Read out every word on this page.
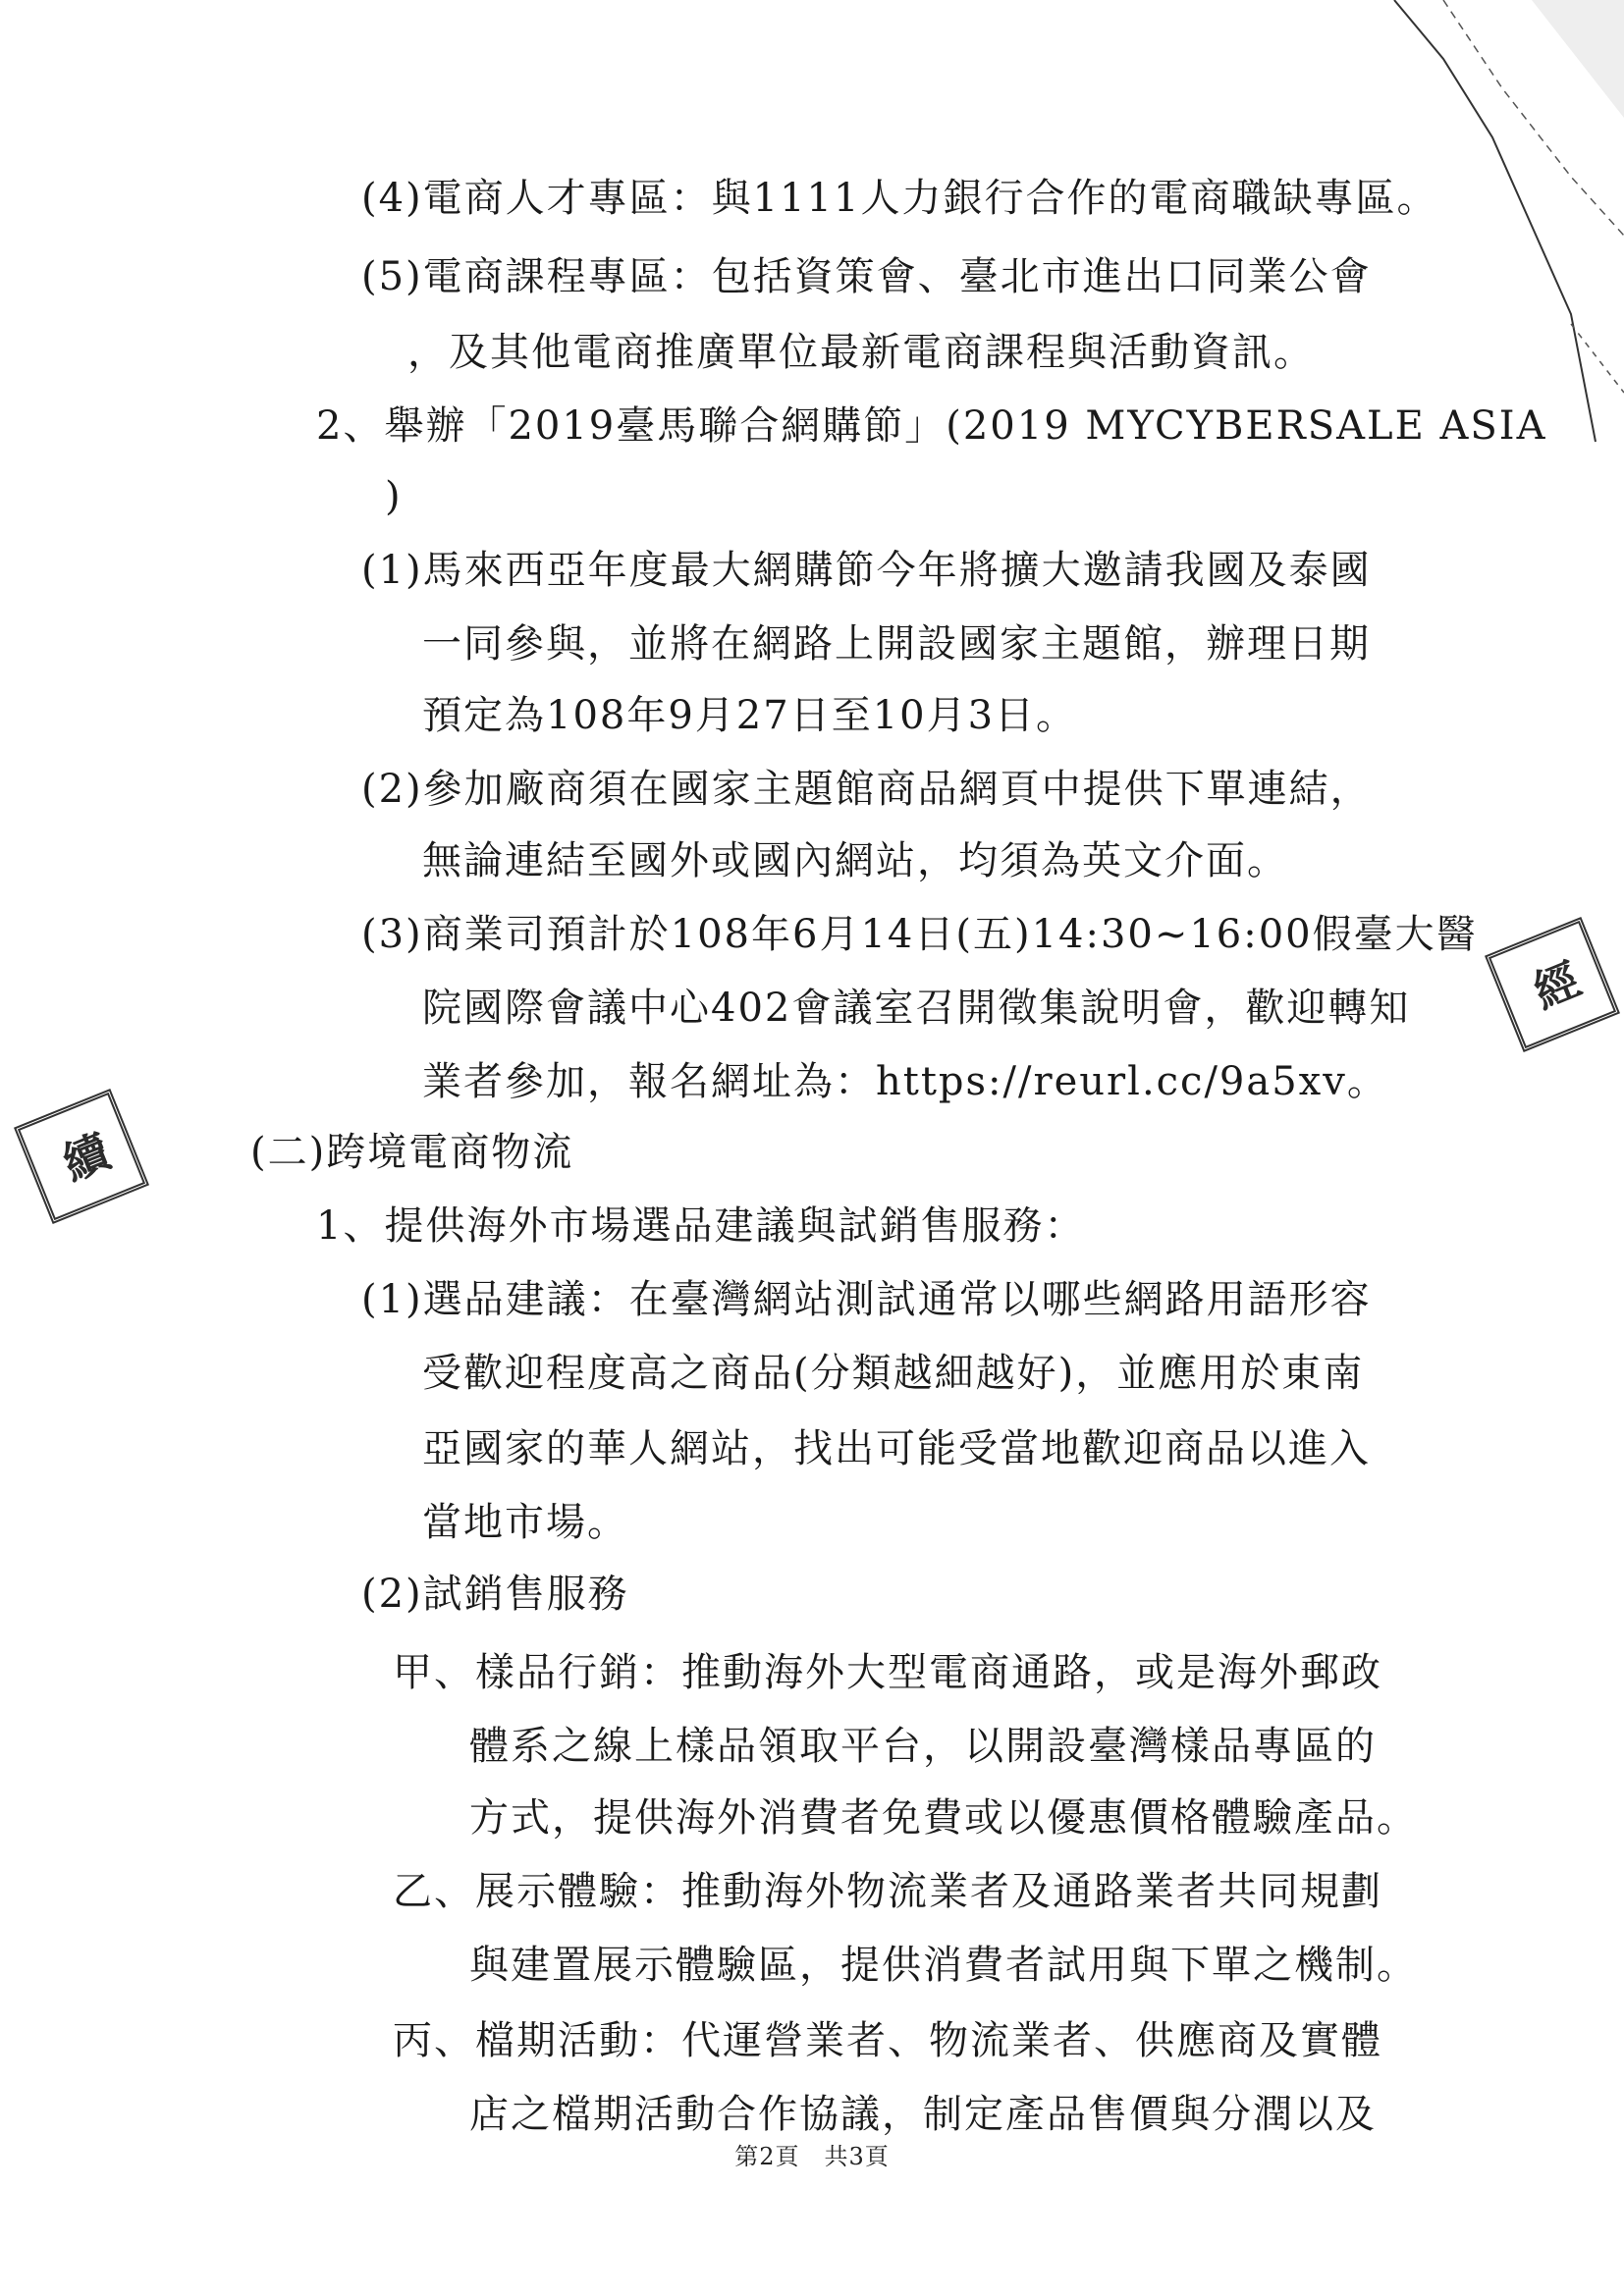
(4)電商人才專區：與1111人力銀行合作的電商職缺專區。
(5)電商課程專區：包括資策會、臺北市進出口同業公會
，及其他電商推廣單位最新電商課程與活動資訊。
2、舉辦「2019臺馬聯合網購節」(2019 MYCYBERSALE ASIA
)
(1)馬來西亞年度最大網購節今年將擴大邀請我國及泰國
一同參與，並將在網路上開設國家主題館，辦理日期
預定為108年9月27日至10月3日。
(2)參加廠商須在國家主題館商品網頁中提供下單連結，
無論連結至國外或國內網站，均須為英文介面。
(3)商業司預計於108年6月14日(五)14:30~16:00假臺大醫
院國際會議中心402會議室召開徵集說明會，歡迎轉知
業者參加，報名網址為：https://reurl.cc/9a5xv。
(二)跨境電商物流
1、提供海外市場選品建議與試銷售服務：
(1)選品建議：在臺灣網站測試通常以哪些網路用語形容
受歡迎程度高之商品(分類越細越好)，並應用於東南
亞國家的華人網站，找出可能受當地歡迎商品以進入
當地市場。
(2)試銷售服務
甲、樣品行銷：推動海外大型電商通路，或是海外郵政
體系之線上樣品領取平台，以開設臺灣樣品專區的
方式，提供海外消費者免費或以優惠價格體驗產品。
乙、展示體驗：推動海外物流業者及通路業者共同規劃
與建置展示體驗區，提供消費者試用與下單之機制。
丙、檔期活動：代運營業者、物流業者、供應商及實體
店之檔期活動合作協議，制定產品售價與分潤以及
第2頁　共3頁
經
續
